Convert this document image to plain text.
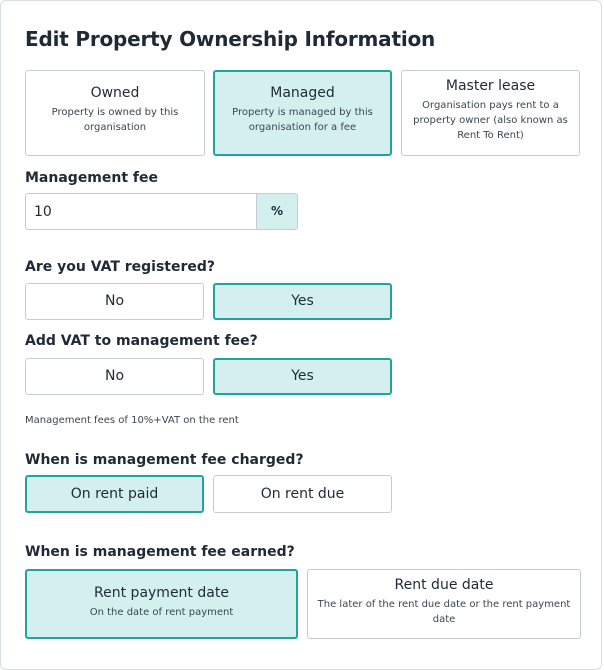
Edit Property Ownership Information
Owned
Property is owned by this organisation
Managed
Property is managed by this organisation for a fee
Master lease
Organisation pays rent to a property owner (also known as Rent To Rent)
Management fee
10
%
Are you VAT registered?
No	Yes
Add VAT to management fee?
No	Yes
Management fees of 10%+VAT on the rent
When is management fee charged?
On rent paid	On rent due
When is management fee earned?
Rent payment date
On the date of rent payment
Rent due date
The later of the rent due date or the rent payment date
